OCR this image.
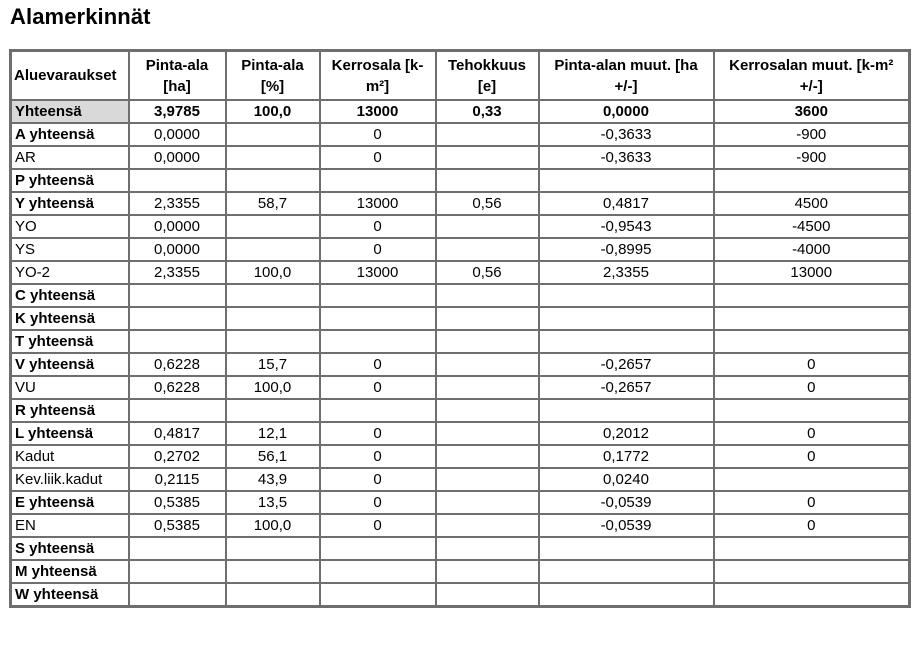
Alamerkinnät
Aluevaraukset	Pinta-ala [ha]	Pinta-ala [%]	Kerrosala [k-m²]	Tehokkuus [e]	Pinta-alan muut. [ha +/-]	Kerrosalan muut. [k-m² +/-]
Yhteensä	3,9785	100,0	13000	0,33	0,0000	3600
A yhteensä	0,0000		0		-0,3633	-900
AR	0,0000		0		-0,3633	-900
P yhteensä						
Y yhteensä	2,3355	58,7	13000	0,56	0,4817	4500
YO	0,0000		0		-0,9543	-4500
YS	0,0000		0		-0,8995	-4000
YO-2	2,3355	100,0	13000	0,56	2,3355	13000
C yhteensä						
K yhteensä						
T yhteensä						
V yhteensä	0,6228	15,7	0		-0,2657	0
VU	0,6228	100,0	0		-0,2657	0
R yhteensä						
L yhteensä	0,4817	12,1	0		0,2012	0
Kadut	0,2702	56,1	0		0,1772	0
Kev.liik.kadut	0,2115	43,9	0		0,0240	
E yhteensä	0,5385	13,5	0		-0,0539	0
EN	0,5385	100,0	0		-0,0539	0
S yhteensä						
M yhteensä						
W yhteensä						
